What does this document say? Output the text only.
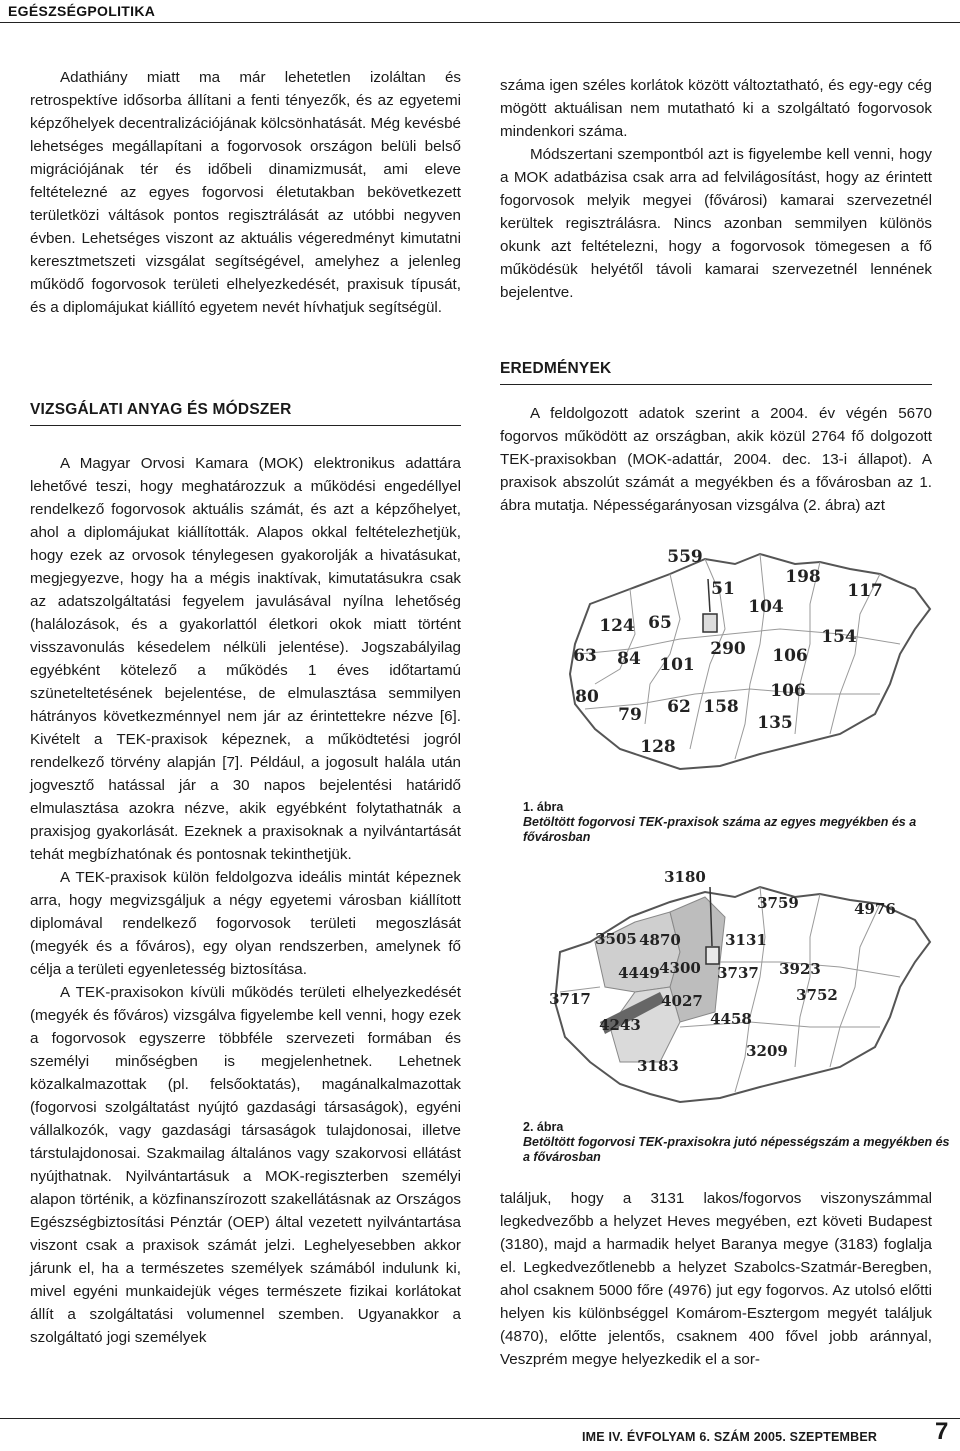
EGÉSZSÉGPOLITIKA

Adathiány miatt ma már lehetetlen izoláltan és retrospektíve idősorba állítani a fenti tényezők, és az egyetemi képzőhelyek decentralizációjának kölcsönhatását. Még kevésbé lehetséges megállapítani a fogorvosok országon belüli belső migrációjának tér és időbeli dinamizmusát, ami eleve feltételezné az egyes fogorvosi életutakban bekövetkezett területközi váltások pontos regisztrálását az utóbbi negyven évben. Lehetséges viszont az aktuális végeredményt kimutatni keresztmetszeti vizsgálat segítségével, amelyhez a jelenleg működő fogorvosok területi elhelyezkedését, praxisuk típusát, és a diplomájukat kiállító egyetem nevét hívhatjuk segítségül.

VIZSGÁLATI ANYAG ÉS MÓDSZER

A Magyar Orvosi Kamara (MOK) elektronikus adattára lehetővé teszi, hogy meghatározzuk a működési engedéllyel rendelkező fogorvosok aktuális számát, és azt a képzőhelyet, ahol a diplomájukat kiállították. Alapos okkal feltételezhetjük, hogy ezek az orvosok ténylegesen gyakorolják a hivatásukat, megjegyezve, hogy ha a mégis inaktívak, kimutatásukra csak az adatszolgáltatási fegyelem javulásával nyílna lehetőség (halálozások, és a gyakorlattól életkori okok miatt történt visszavonulás késedelem nélküli jelentése). Jogszabályilag egyébként kötelező a működés 1 éves időtartamú szüneteltetésének bejelentése, de elmulasztása semmilyen hátrányos következménnyel nem jár az érintettekre nézve [6]. Kivételt a TEK-praxisok képeznek, a működtetési jogról rendelkező törvény alapján [7]. Például, a jogosult halála után jogvesztő hatással jár a 30 napos bejelentési határidő elmulasztása azokra nézve, akik egyébként folytathatnák a praxisjog gyakorlását. Ezeknek a praxisoknak a nyilvántartását tehát megbízhatónak és pontosnak tekinthetjük.

A TEK-praxisok külön feldolgozva ideális mintát képeznek arra, hogy megvizsgáljuk a négy egyetemi városban kiállított diplomával rendelkező fogorvosok területi megoszlását (megyék és a főváros), egy olyan rendszerben, amelynek fő célja a területi egyenletesség biztosítása.

A TEK-praxisokon kívüli működés területi elhelyezkedését (megyék és főváros) vizsgálva figyelembe kell venni, hogy ezek a fogorvosok egyszerre többféle szervezeti formában és személyi minőségben is megjelenhetnek. Lehetnek közalkalmazottak (pl. felsőoktatás), magánalkalmazottak (fogorvosi szolgáltatást nyújtó gazdasági társaságok), egyéni vállalkozók, vagy gazdasági társaságok tulajdonosai, illetve társtulajdonosai. Szakmailag általános vagy szakorvosi ellátást nyújthatnak. Nyilvántartásuk a MOK-regiszterben személyi alapon történik, a közfinanszírozott szakellátásnak az Országos Egészségbiztosítási Pénztár (OEP) által vezetett nyilvántartása viszont csak a praxisok számát jelzi. Leghelyesebben akkor járunk el, ha a természetes személyek számából indulunk ki, mivel egyéni munkaidejük véges természete fizikai korlátokat állít a szolgáltatási volumennel szemben. Ugyanakkor a szolgáltató jogi személyek

száma igen széles korlátok között változtatható, és egy-egy cég mögött aktuálisan nem mutatható ki a szolgáltató fogorvosok mindenkori száma.

Módszertani szempontból azt is figyelembe kell venni, hogy a MOK adatbázisa csak arra ad felvilágosítást, hogy az érintett fogorvosok melyik megyei (fővárosi) kamarai szervezetnél kerültek regisztrálásra. Nincs azonban semmilyen különös okunk azt feltételezni, hogy a fogorvosok tömegesen a fő működésük helyétől távoli kamarai szervezetnél lennének bejelentve.

EREDMÉNYEK

A feldolgozott adatok szerint a 2004. év végén 5670 fogorvos működött az országban, akik közül 2764 fő dolgozott TEK-praxisokban (MOK-adattár, 2004. dec. 13-i állapot). A praxisok abszolút számát a megyékben és a fővárosban az 1. ábra mutatja. Népességarányosan vizsgálva (2. ábra) azt

559
198
117
51
104
124 65
290
154
63 84 101	106
80
79 62 158
106
135
128
1. ábra
Betöltött fogorvosi TEK-praxisok száma az egyes megyékben és a fővárosban
3180
3759	4976
3505 4870	3131
4449 4300 3737 3923
3717	4027	3752
4243	4458
3209
3183
2. ábra
Betöltött fogorvosi TEK-praxisokra jutó népességszám a megyékben és a fővárosban

találjuk, hogy a 3131 lakos/fogorvos viszonyszámmal legkedvezőbb a helyzet Heves megyében, ezt követi Budapest (3180), majd a harmadik helyet Baranya megye (3183) foglalja el. Legkedvezőtlenebb a helyzet Szabolcs-Szatmár-Beregben, ahol csaknem 5000 főre (4976) jut egy fogorvos. Az utolsó előtti helyen kis különbséggel Komárom-Esztergom megyét találjuk (4870), előtte jelentős, csaknem 400 fővel jobb aránnyal, Veszprém megye helyezkedik el a sor-

IME IV. ÉVFOLYAM 6. SZÁM 2005. SZEPTEMBER 7
